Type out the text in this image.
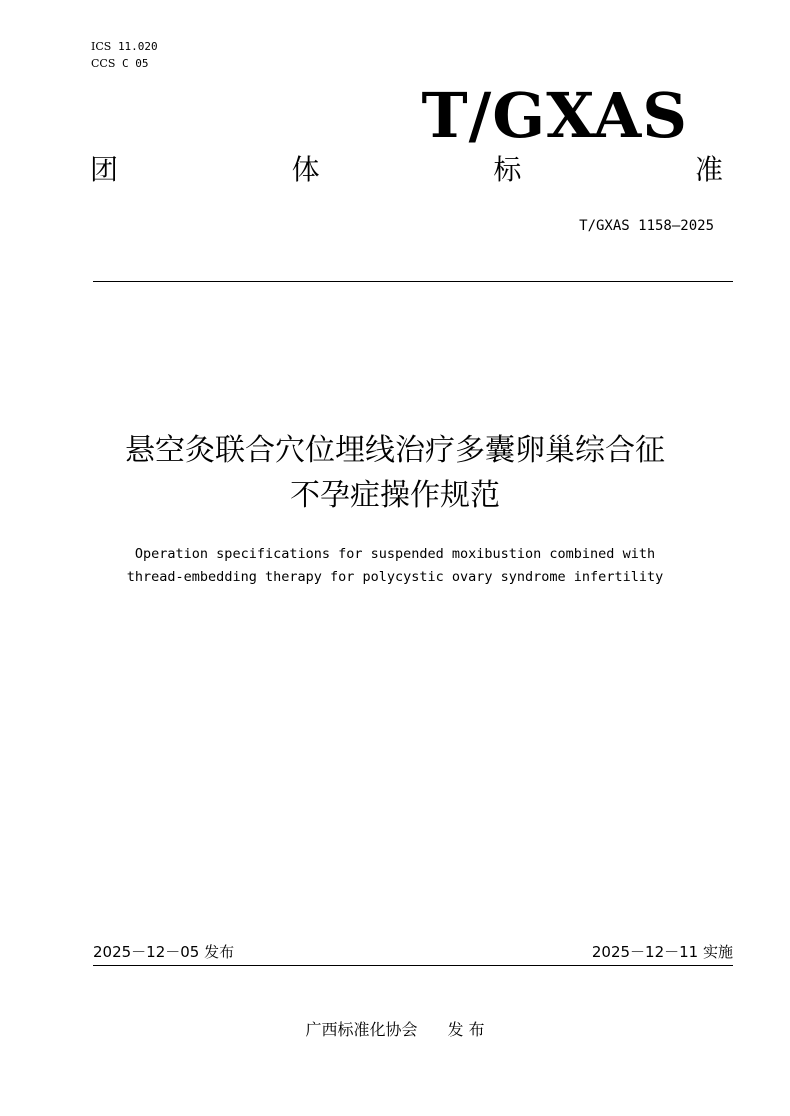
ICS 11.020
CCS C 05
T/GXAS
团	体	标	准
T/GXAS 1158—2025
悬空灸联合穴位埋线治疗多囊卵巢综合征
不孕症操作规范
Operation specifications for suspended moxibustion combined with
thread-embedding therapy for polycystic ovary syndrome infertility
2025－12－05 发布	2025－12－11 实施
广西标准化协会 发 布
